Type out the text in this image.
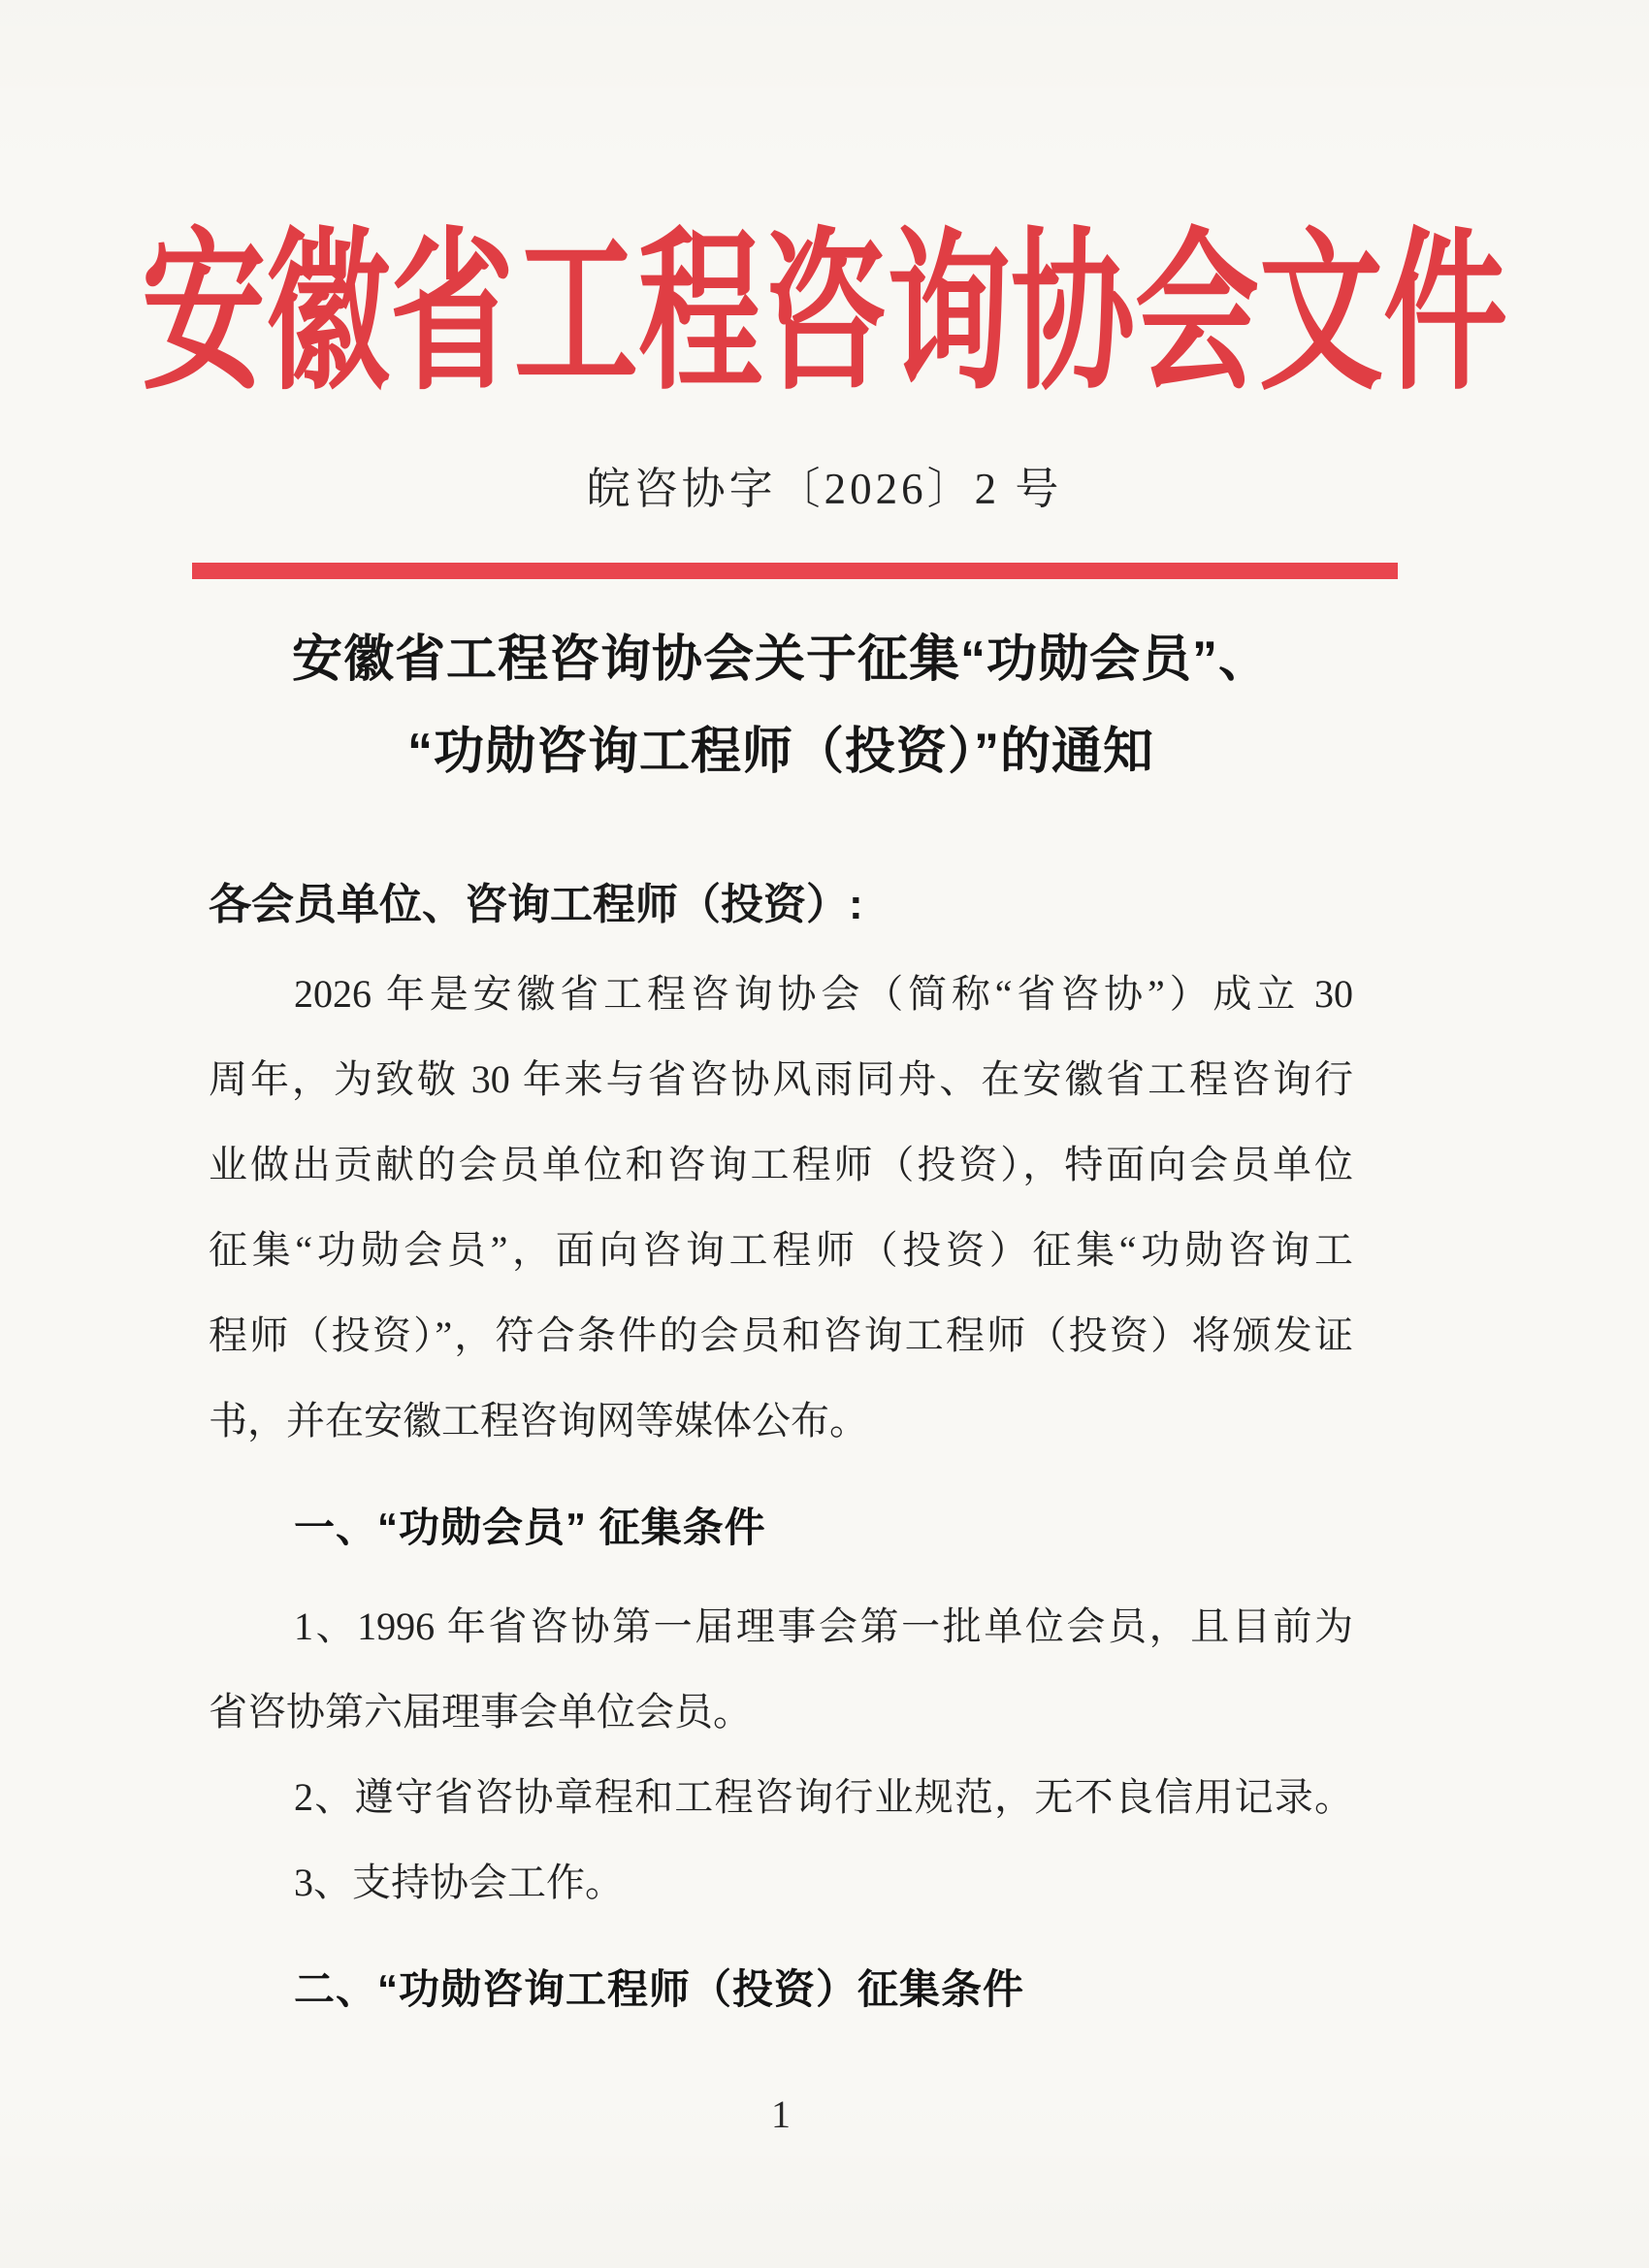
安徽省工程咨询协会文件
皖咨协字〔2026〕2 号
安徽省工程咨询协会关于征集“功勋会员”、
“功勋咨询工程师（投资）”的通知
各会员单位、咨询工程师（投资）:
2026 年是安徽省工程咨询协会（简称“省咨协”）成立 30
周年，为致敬 30 年来与省咨协风雨同舟、在安徽省工程咨询行
业做出贡献的会员单位和咨询工程师（投资），特面向会员单位
征集“功勋会员”，面向咨询工程师（投资）征集“功勋咨询工
程师（投资）”，符合条件的会员和咨询工程师（投资）将颁发证
书，并在安徽工程咨询网等媒体公布。
一、“功勋会员” 征集条件
1、1996 年省咨协第一届理事会第一批单位会员，且目前为
省咨协第六届理事会单位会员。
2、遵守省咨协章程和工程咨询行业规范，无不良信用记录。
3、支持协会工作。
二、“功勋咨询工程师（投资）征集条件
1
